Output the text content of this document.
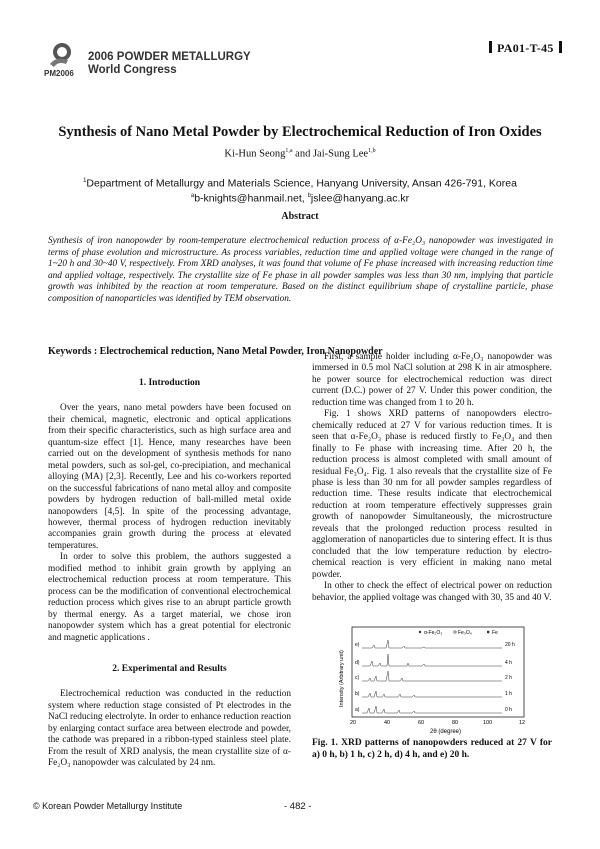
2006 POWDER METALLURGY
World Congress
PM2006
PA01-T-45
Synthesis of Nano Metal Powder by Electrochemical Reduction of Iron Oxides
Ki-Hun Seong$^{1,a}$ and Jai-Sung Lee$^{1,b}$
$^1$Department of Metallurgy and Materials Science, Hanyang University, Ansan 426-791, Korea
$^a$b-knights@hanmail.net, $^b$jslee@hanyang.ac.kr
Abstract
Synthesis of iron nanopowder by room-temperature electrochemical reduction process of α-Fe₂O₃ nanopowder was investigated in terms of phase evolution and microstructure. As process variables, reduction time and applied voltage were changed in the range of 1~20 h and 30~40 V, respectively. From XRD analyses, it was found that volume of Fe phase increased with increasing reduction time and applied voltage, respectively. The crystallite size of Fe phase in all powder samples was less than 30 nm, implying that particle growth was inhibited by the reaction at room temperature. Based on the distinct equilibrium shape of crystalline particle, phase composition of nanoparticles was identified by TEM observation.
Keywords : Electrochemical reduction, Nano Metal Powder, Iron Nanopowder
1. Introduction

Over the years, nano metal powders have been focused on their chemical, magnetic, electronic and optical applications from their specific characteristics, such as high surface area and quantum-size effect [1]. Hence, many researches have been carried out on the development of synthesis methods for nano metal powders, such as sol-gel, co-precipiation, and mechanical alloying (MA) [2,3]. Recently, Lee and his co-workers reported on the successful fabrications of nano metal alloy and composite powders by hydrogen reduction of ball-milled metal oxide nanopowders [4,5]. In spite of the processing advantage, however, thermal process of hydrogen reduction inevitably accompanies grain growth during the process at elevated temperatures.

In order to solve this problem, the authors suggested a modified method to inhibit grain growth by applying an electrochemical reduction process at room temperature. This process can be the modification of conventional electrochemical reduction process which gives rise to an abrupt particle growth by thermal energy. As a target material, we chose iron nanopowder system which has a great potential for electronic and magnetic applications .

2. Experimental and Results

Electrochemical reduction was conducted in the reduction system where reduction stage consisted of Pt electrodes in the NaCl reducing electrolyte. In order to enhance reduction reaction by enlarging contact surface area between electrode and powder, the cathode was prepared in a ribbon-typed stainless steel plate. From the result of XRD analysis, the mean crystallite size of α-Fe₂O₃ nanopowder was calculated by 24 nm.

First, a sample holder including α-Fe₂O₃ nanopowder was immersed in 0.5 mol NaCl solution at 298 K in air atmosphere. he power source for electrochemical reduction was direct current (D.C.) power of 27 V. Under this power condition, the reduction time was changed from 1 to 20 h.

Fig. 1 shows XRD patterns of nanopowders electro-chemically reduced at 27 V for various reduction times. It is seen that α-Fe₂O₃ phase is reduced firstly to Fe₃O₄ and then finally to Fe phase with increasing time. After 20 h, the reduction process is almost completed with small amount of residual Fe₃O₄. Fig. 1 also reveals that the crystallite size of Fe phase is less than 30 nm for all powder samples regardless of reduction time. These results indicate that electrochemical reduction at room temperature effectively suppresses grain growth of nanopowder Simultaneously, the microstructure reveals that the prolonged reduction process resulted in agglomeration of nanoparticles due to sintering effect. It is thus concluded that the low temperature reduction by electro-chemical reaction is very efficient in making nano metal powder.

In other to check the effect of electrical power on reduction behavior, the applied voltage was changed with 30, 35 and 40 V.

α-Fe₂O₃	Fe₃O₄	Fe
Intensity (Arbitrary unit)
2θ (degree)
20	40	60	80	100	12
e)
d)
c)
b)
a)
20 h
4 h
2 h
1 h
0 h
Fig. 1. XRD patterns of nanopowders reduced at 27 V for a) 0 h, b) 1 h, c) 2 h, d) 4 h, and e) 20 h.
© Korean Powder Metallurgy Institute	- 482 -
